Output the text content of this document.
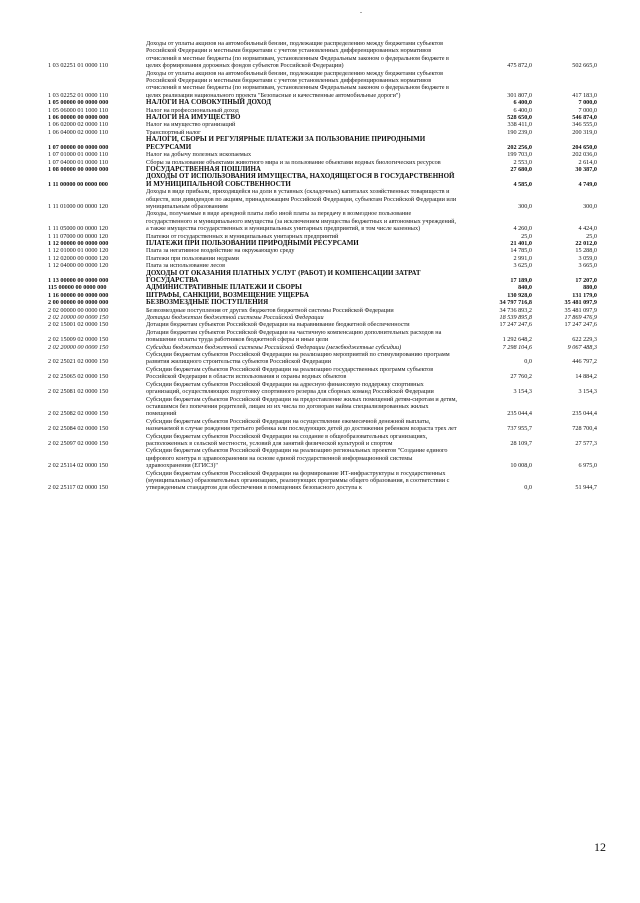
.
1 03 02251 01 0000 110
Доходы от уплаты акцизов на автомобильный бензин, подлежащие распределению между бюджетами субъектов Российской Федерации и местными бюджетами с учетом установленных дифференцированных нормативов отчислений в местные бюджеты (по нормативам, установленным Федеральным законом о федеральном бюджете в целях формирования дорожных фондов субъектов Российской Федерации)	475 872,0	502 665,0
1 03 02252 01 0000 110
Доходы от уплаты акцизов на автомобильный бензин, подлежащие распределению между бюджетами субъектов Российской Федерации и местными бюджетами с учетом установленных дифференцированных нормативов отчислений в местные бюджеты (по нормативам, установленным Федеральным законом о федеральном бюджете в целях реализации национального проекта "Безопасные и качественные автомобильные дороги")	301 807,0	417 183,0
1 05 00000 00 0000 000	НАЛОГИ НА СОВОКУПНЫЙ ДОХОД	6 400,0	7 000,0
1 05 06000 01 1000 110	Налог на профессиональный доход	6 400,0	7 000,0
1 06 00000 00 0000 000	НАЛОГИ НА ИМУЩЕСТВО	528 650,0	546 874,0
1 06 02000 02 0000 110	Налог на имущество организаций	338 411,0	346 555,0
1 06 04000 02 0000 110	Транспортный налог	190 239,0	200 319,0
1 07 00000 00 0000 000
НАЛОГИ, СБОРЫ И РЕГУЛЯРНЫЕ ПЛАТЕЖИ ЗА ПОЛЬЗОВАНИЕ ПРИРОДНЫМИ РЕСУРСАМИ	202 256,0	204 650,0
1 07 01000 01 0000 110	Налог на добычу полезных ископаемых	199 703,0	202 036,0
1 07 04000 01 0000 110	Сборы за пользование объектами животного мира и за пользование объектами водных биологических ресурсов	2 553,0	2 614,0
1 08 00000 00 0000 000	ГОСУДАРСТВЕННАЯ ПОШЛИНА	27 680,0	30 387,0
1 11 00000 00 0000 000
ДОХОДЫ ОТ ИСПОЛЬЗОВАНИЯ ИМУЩЕСТВА, НАХОДЯЩЕГОСЯ В ГОСУДАРСТВЕННОЙ И МУНИЦИПАЛЬНОЙ СОБСТВЕННОСТИ	4 585,0	4 749,0
1 11 01000 00 0000 120
Доходы в виде прибыли, приходящейся на доли в уставных (складочных) капиталах хозяйственных товариществ и обществ, или дивидендов по акциям, принадлежащим Российской Федерации, субъектам Российской Федерации или муниципальным образованиям	300,0	300,0
1 11 05000 00 0000 120
Доходы, получаемые в виде арендной платы либо иной платы за передачу в возмездное пользование государственного и муниципального имущества (за исключением имущества бюджетных и автономных учреждений, а также имущества государственных и муниципальных унитарных предприятий, в том числе казенных)	4 260,0	4 424,0
1 11 07000 00 0000 120	Платежи от государственных и муниципальных унитарных предприятий	25,0	25,0
1 12 00000 00 0000 000	ПЛАТЕЖИ ПРИ ПОЛЬЗОВАНИИ ПРИРОДНЫМИ РЕСУРСАМИ	21 401,0	22 012,0
1 12 01000 01 0000 120	Плата за негативное воздействие на окружающую среду	14 785,0	15 288,0
1 12 02000 00 0000 120	Платежи при пользовании недрами	2 991,0	3 059,0
1 12 04000 00 0000 120	Плата за использование лесов	3 625,0	3 665,0
1 13 00000 00 0000 000
ДОХОДЫ ОТ ОКАЗАНИЯ ПЛАТНЫХ УСЛУГ (РАБОТ) И КОМПЕНСАЦИИ ЗАТРАТ ГОСУДАРСТВА	17 189,0	17 207,0
115 00000 00 0000 000	АДМИНИСТРАТИВНЫЕ ПЛАТЕЖИ И СБОРЫ	840,0	880,0
1 16 00000 00 0000 000	ШТРАФЫ, САНКЦИИ, ВОЗМЕЩЕНИЕ УЩЕРБА	130 928,0	131 179,0
2 00 00000 00 0000 000	БЕЗВОЗМЕЗДНЫЕ ПОСТУПЛЕНИЯ	34 797 716,8	35 481 097,9
2 02 00000 00 0000 000	Безвозмездные поступления от других бюджетов бюджетной системы Российской Федерации	34 736 893,2	35 481 097,9
2 02 10000 00 0000 150	Дотации бюджетам бюджетной системы Российской Федерации	18 539 895,8	17 869 476,9
2 02 15001 02 0000 150	Дотации бюджетам субъектов Российской Федерации на выравнивание бюджетной обеспеченности	17 247 247,6	17 247 247,6
2 02 15009 02 0000 150
Дотации бюджетам субъектов Российской Федерации на частичную компенсацию дополнительных расходов на повышение оплаты труда работников бюджетной сферы и иные цели	1 292 648,2	622 229,3
2 02 20000 00 0000 150	Субсидии бюджетам бюджетной системы Российской Федерации (межбюджетные субсидии)	7 298 104,6	9 067 488,3
2 02 25021 02 0000 150
Субсидии бюджетам субъектов Российской Федерации на реализацию мероприятий по стимулированию программ развития жилищного строительства субъектов Российской Федерации	0,0	446 797,2
2 02 25065 02 0000 150
Субсидии бюджетам субъектов Российской Федерации на реализацию государственных программ субъектов Российской Федерации в области использования и охраны водных объектов	27 760,2	14 884,2
2 02 25081 02 0000 150
Субсидии бюджетам субъектов Российской Федерации на адресную финансовую поддержку спортивных организаций, осуществляющих подготовку спортивного резерва для сборных команд Российской Федерации	3 154,3	3 154,3
2 02 25082 02 0000 150
Субсидии бюджетам субъектов Российской Федерации на предоставление жилых помещений детям-сиротам и детям, оставшимся без попечения родителей, лицам из их числа по договорам найма специализированных жилых помещений	235 044,4	235 044,4
2 02 25084 02 0000 150
Субсидии бюджетам субъектов Российской Федерации на осуществление ежемесячной денежной выплаты, назначаемой в случае рождения третьего ребенка или последующих детей до достижения ребенком возраста трех лет	737 955,7	728 700,4
2 02 25097 02 0000 150
Субсидии бюджетам субъектов Российской Федерации на создание в общеобразовательных организациях, расположенных в сельской местности, условий для занятий физической культурой и спортом	28 109,7	27 577,3
2 02 25114 02 0000 150
Субсидии бюджетам субъектов Российской Федерации на реализацию региональных проектов "Создание единого цифрового контура в здравоохранении на основе единой государственной информационной системы здравоохранения (ЕГИСЗ)"	10 008,0	6 975,0
2 02 25117 02 0000 150
Субсидии бюджетам субъектов Российской Федерации на формирование ИТ-инфраструктуры в государственных (муниципальных) образовательных организациях, реализующих программы общего образования, в соответствии с утвержденным стандартом для обеспечения в помещениях безопасного доступа к	0,0	51 944,7
12
